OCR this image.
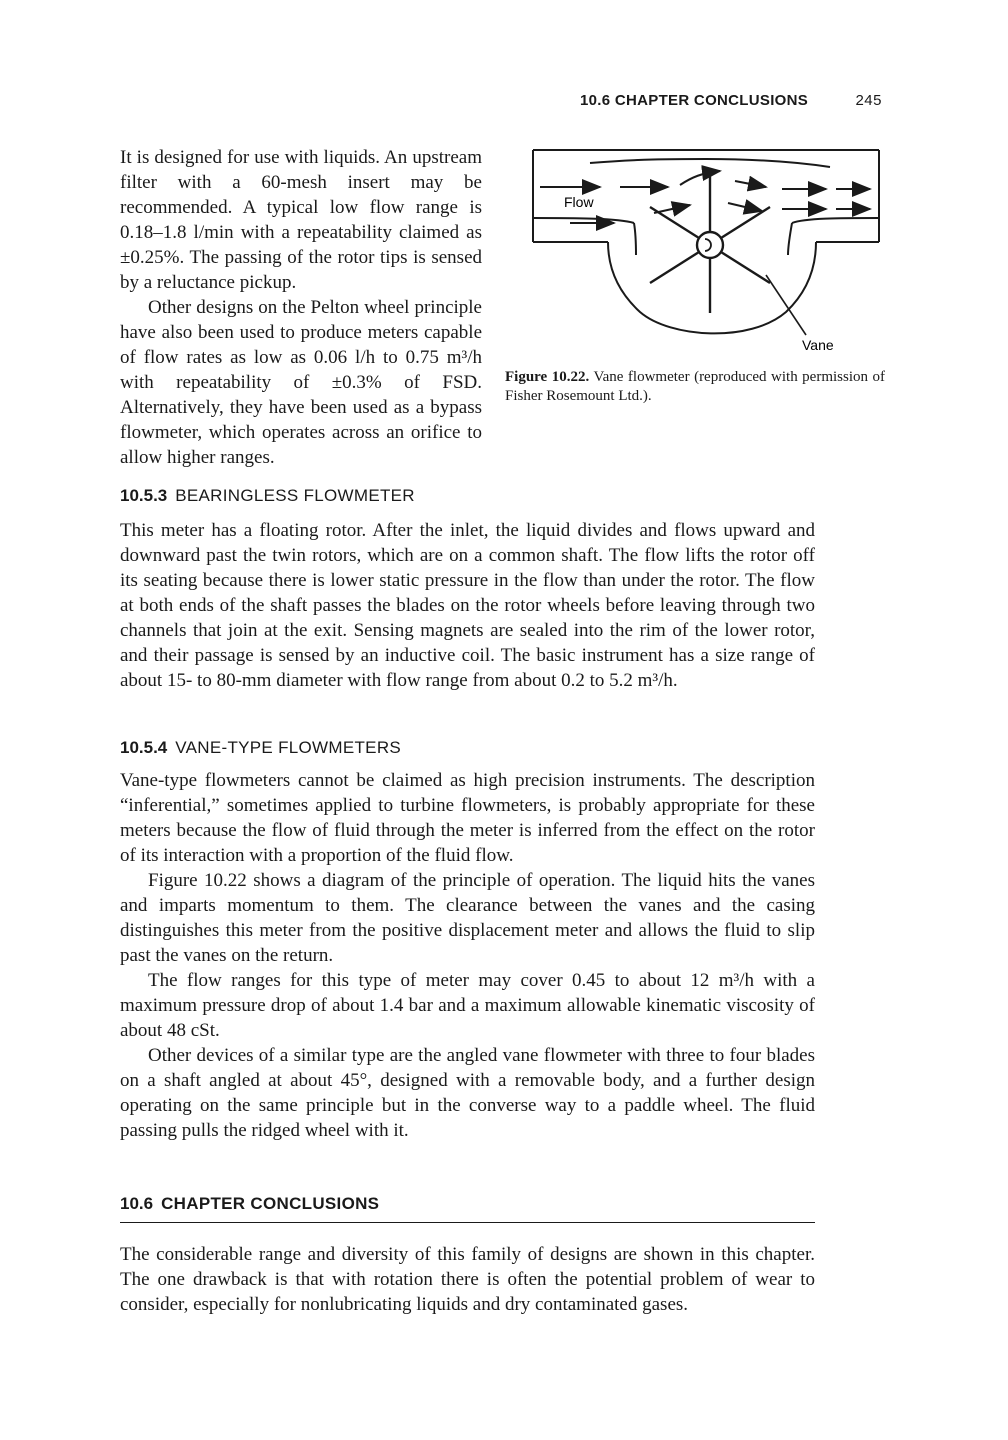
10.6 CHAPTER CONCLUSIONS	245

It is designed for use with liquids. An upstream filter with a 60-mesh insert may be recommended. A typical low flow range is 0.18–1.8 l/min with a repeatability claimed as ±0.25%. The passing of the rotor tips is sensed by a reluctance pickup.

Other designs on the Pelton wheel principle have also been used to produce meters capable of flow rates as low as 0.06 l/h to 0.75 m³/h with repeatability of ±0.3% of FSD. Alternatively, they have been used as a bypass flowmeter, which operates across an orifice to allow higher ranges.

Flow
Vane
Figure 10.22. Vane flowmeter (reproduced with permission of Fisher Rosemount Ltd.).
10.5.3 BEARINGLESS FLOWMETER

This meter has a floating rotor. After the inlet, the liquid divides and flows upward and downward past the twin rotors, which are on a common shaft. The flow lifts the rotor off its seating because there is lower static pressure in the flow than under the rotor. The flow at both ends of the shaft passes the blades on the rotor wheels before leaving through two channels that join at the exit. Sensing magnets are sealed into the rim of the lower rotor, and their passage is sensed by an inductive coil. The basic instrument has a size range of about 15- to 80-mm diameter with flow range from about 0.2 to 5.2 m³/h.

10.5.4 VANE-TYPE FLOWMETERS

Vane-type flowmeters cannot be claimed as high precision instruments. The description “inferential,” sometimes applied to turbine flowmeters, is probably appropriate for these meters because the flow of fluid through the meter is inferred from the effect on the rotor of its interaction with a proportion of the fluid flow.

Figure 10.22 shows a diagram of the principle of operation. The liquid hits the vanes and imparts momentum to them. The clearance between the vanes and the casing distinguishes this meter from the positive displacement meter and allows the fluid to slip past the vanes on the return.

The flow ranges for this type of meter may cover 0.45 to about 12 m³/h with a maximum pressure drop of about 1.4 bar and a maximum allowable kinematic viscosity of about 48 cSt.

Other devices of a similar type are the angled vane flowmeter with three to four blades on a shaft angled at about 45°, designed with a removable body, and a further design operating on the same principle but in the converse way to a paddle wheel. The fluid passing pulls the ridged wheel with it.

10.6 CHAPTER CONCLUSIONS

The considerable range and diversity of this family of designs are shown in this chapter. The one drawback is that with rotation there is often the potential problem of wear to consider, especially for nonlubricating liquids and dry contaminated gases.
